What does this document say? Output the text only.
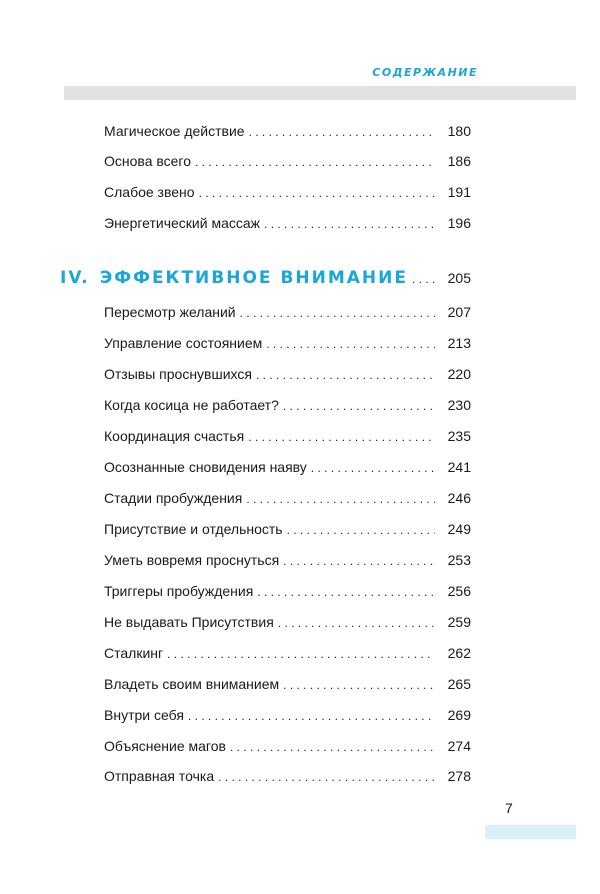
СОДЕРЖАНИЕ
Магическое действие . . .	180
Основа всего . . .	186
Слабое звено . . .	191
Энергетический массаж . . .	196
IV. ЭФФЕКТИВНОЕ ВНИМАНИЕ . . .	205
Пересмотр желаний . . .	207
Управление состоянием . . .	213
Отзывы проснувшихся . . .	220
Когда косица не работает? . . .	230
Координация счастья . . .	235
Осознанные сновидения наяву . . .	241
Стадии пробуждения . . .	246
Присутствие и отдельность . . .	249
Уметь вовремя проснуться . . .	253
Триггеры пробуждения . . .	256
Не выдавать Присутствия . . .	259
Сталкинг . . .	262
Владеть своим вниманием . . .	265
Внутри себя . . .	269
Объяснение магов . . .	274
Отправная точка . . .	278
7
